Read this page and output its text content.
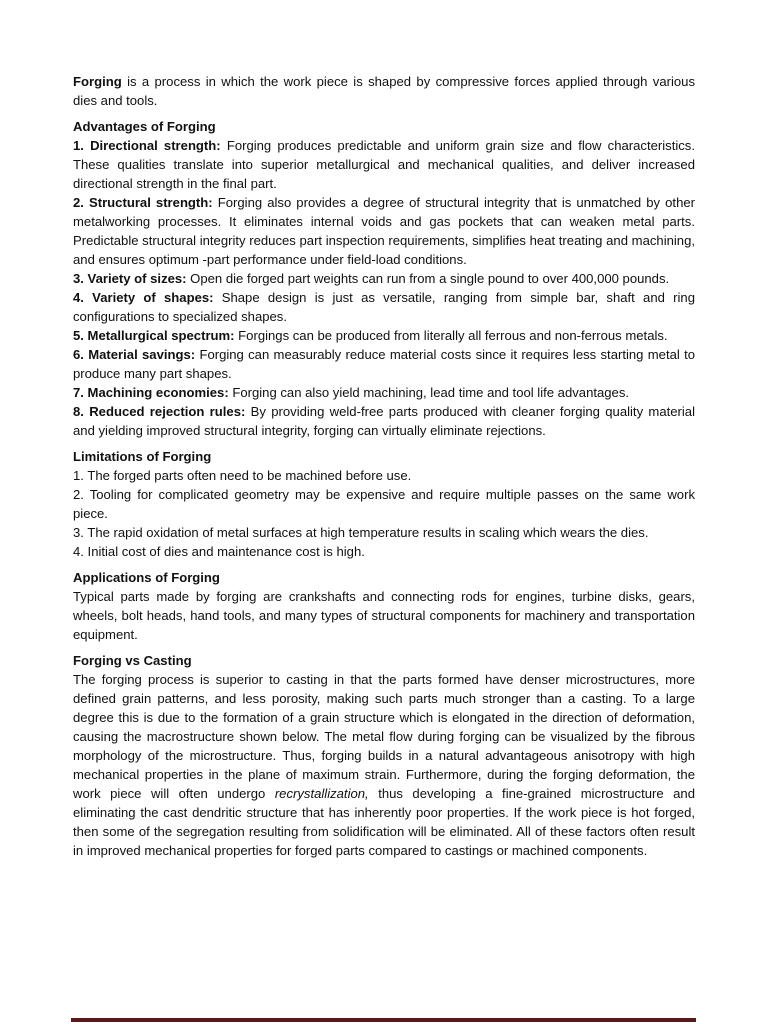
Forging is a process in which the work piece is shaped by compressive forces applied through various dies and tools.

Advantages of Forging

1. Directional strength: Forging produces predictable and uniform grain size and flow characteristics. These qualities translate into superior metallurgical and mechanical qualities, and deliver increased directional strength in the final part.

2. Structural strength: Forging also provides a degree of structural integrity that is unmatched by other metalworking processes. It eliminates internal voids and gas pockets that can weaken metal parts. Predictable structural integrity reduces part inspection requirements, simplifies heat treating and machining, and ensures optimum -part performance under field-load conditions.

3. Variety of sizes: Open die forged part weights can run from a single pound to over 400,000 pounds.

4. Variety of shapes: Shape design is just as versatile, ranging from simple bar, shaft and ring configurations to specialized shapes.

5. Metallurgical spectrum: Forgings can be produced from literally all ferrous and non-ferrous metals.

6. Material savings: Forging can measurably reduce material costs since it requires less starting metal to produce many part shapes.

7. Machining economies: Forging can also yield machining, lead time and tool life advantages.

8. Reduced rejection rules: By providing weld-free parts produced with cleaner forging quality material and yielding improved structural integrity, forging can virtually eliminate rejections.

Limitations of Forging

1. The forged parts often need to be machined before use.

2. Tooling for complicated geometry may be expensive and require multiple passes on the same work piece.

3. The rapid oxidation of metal surfaces at high temperature results in scaling which wears the dies.

4. Initial cost of dies and maintenance cost is high.

Applications of Forging

Typical parts made by forging are crankshafts and connecting rods for engines, turbine disks, gears, wheels, bolt heads, hand tools, and many types of structural components for machinery and transportation equipment.

Forging vs Casting

The forging process is superior to casting in that the parts formed have denser microstructures, more defined grain patterns, and less porosity, making such parts much stronger than a casting. To a large degree this is due to the formation of a grain structure which is elongated in the direction of deformation, causing the macrostructure shown below. The metal flow during forging can be visualized by the fibrous morphology of the microstructure. Thus, forging builds in a natural advantageous anisotropy with high mechanical properties in the plane of maximum strain. Furthermore, during the forging deformation, the work piece will often undergo recrystallization, thus developing a fine-grained microstructure and eliminating the cast dendritic structure that has inherently poor properties. If the work piece is hot forged, then some of the segregation resulting from solidification will be eliminated. All of these factors often result in improved mechanical properties for forged parts compared to castings or machined components.
